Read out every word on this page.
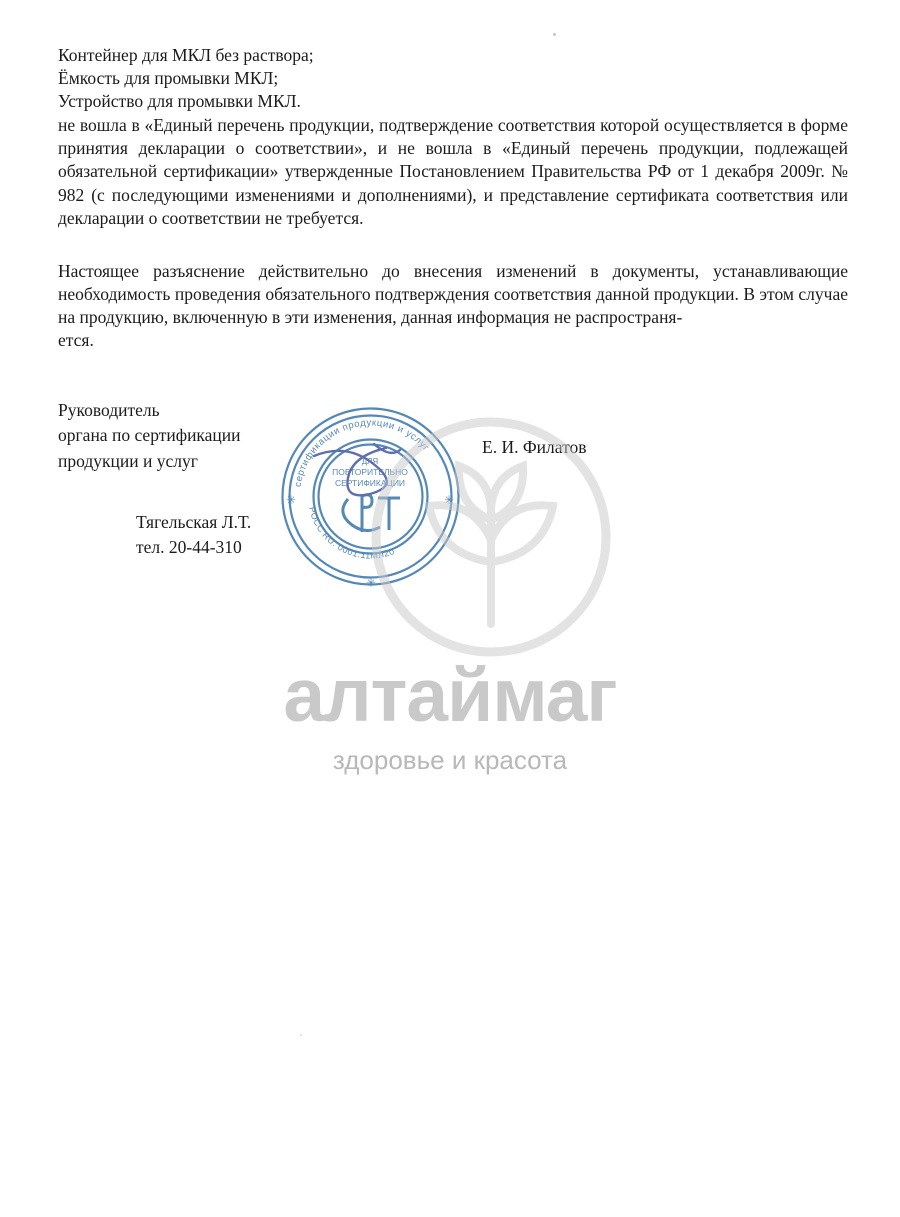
Контейнер для МКЛ без раствора;
Ёмкость для промывки МКЛ;
Устройство для промывки МКЛ.

не вошла в «Единый перечень продукции, подтверждение соответствия которой осуществляется в форме принятия декларации о соответствии», и не вошла в «Единый перечень продукции, подлежащей обязательной сертификации» утвержденные Постановлением Правительства РФ от 1 декабря 2009г. № 982 (с последующими изменениями и дополнениями), и представление сертификата соответствия или декларации о соответствии не требуется.

Настоящее разъяснение действительно до внесения изменений в документы, устанавливающие необходимость проведения обязательного подтверждения соответствия данной продукции. В этом случае на продукцию, включенную в эти изменения, данная информация не распространя-

ется.
Руководитель
органа по сертификации
продукции и услуг
Е. И. Филатов
Тягельская Л.Т.
тел. 20-44-310
✳
✳	✳
сертификации продукции и услуг
РОСС RU. 0001.11МЛ20
ДЛЯ
ПОВТОРИТЕЛЬНО
СЕРТИФИКАЦИИ
алтаймаг
здоровье и красота
